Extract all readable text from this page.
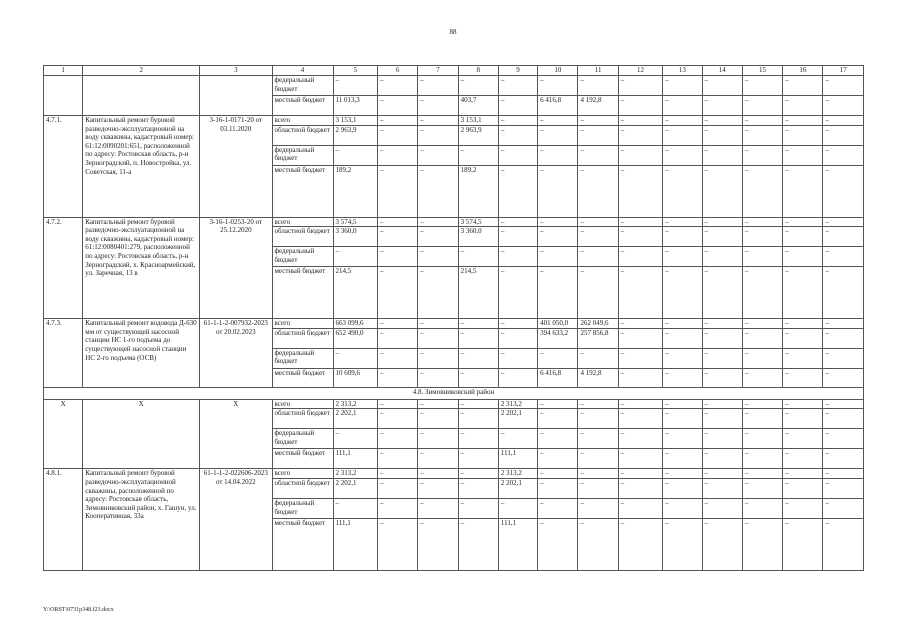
88
1	2	3	4	5	6	7	8	9	10	11	12	13	14	15	16	17
			федеральный бюджет	–	–	–	–	–	–	–	–	–	–	–	–	–
			местный бюджет	11 013,3	–	–	403,7	–	6 416,8	4 192,8	–	–	–	–	–	–
4.7.1.	Капитальный ремонт буровой разведочно-эксплуатационной на воду скважины, кадастровый номер: 61:12:0090201:651, расположенной по адресу: Ростовская область, р-н Зерноградский, п. Новостройка, ул. Советская, 11-а	3-16-1-0171-20 от 03.11.2020	всего	3 153,1	–	–	3 153,1	–	–	–	–	–	–	–	–	–
			областной бюджет	2 963,9	–	–	2 963,9	–	–	–	–	–	–	–	–	–
			федеральный бюджет	–	–	–	–	–	–	–	–	–	–	–	–	–
			местный бюджет	189,2	–	–	189,2	–	–	–	–	–	–	–	–	–
4.7.2.	Капитальный ремонт буровой разведочно-эксплуатационной на воду скважины, кадастровый номер: 61:12:0080401:279, расположенной по адресу: Ростовская область, р-н Зерноградский, х. Красноармейский, ул. Заречная, 13 в	3-16-1-0253-20 от 25.12.2020	всего	3 574,5	–	–	3 574,5	–	–	–	–	–	–	–	–	–
			областной бюджет	3 360,0	–	–	3 360,0	–	–	–	–	–	–	–	–	–
			федеральный бюджет	–	–	–	–	–	–	–	–	–	–	–	–	–
			местный бюджет	214,5	–	–	214,5	–	–	–	–	–	–	–	–	–
4.7.3.	Капитальный ремонт водовода Д-630 мм от существующей насосной станции НС 1-го подъема до существующей насосной станции НС 2-го подъема (ОСВ)	61-1-1-2-007932-2023 от 20.02.2023	всего	663 099,6	–	–	–	–	401 050,0	262 049,6	–	–	–	–	–	–
			областной бюджет	652 490,0	–	–	–	–	394 633,2	257 856,8	–	–	–	–	–	–
			федеральный бюджет	–	–	–	–	–	–	–	–	–	–	–	–	–
			местный бюджет	10 609,6	–	–	–	–	6 416,8	4 192,8	–	–	–	–	–	–
4.8. Зимовниковский район																
Х	Х	Х	всего	2 313,2	–	–	–	2 313,2	–	–	–	–	–	–	–	–
			областной бюджет	2 202,1	–	–	–	2 202,1	–	–	–	–	–	–	–	–
			федеральный бюджет	–	–	–	–	–	–	–	–	–	–	–	–	–
			местный бюджет	111,1	–	–	–	111,1	–	–	–	–	–	–	–	–
4.8.1.	Капитальный ремонт буровой разведочно-эксплуатационной скважины, расположенной по адресу: Ростовская область, Зимовниковский район, х. Гашун, ул. Кооперативная, 33а	61-1-1-2-022606-2023 от 14.04.2022	всего	2 313,2	–	–	–	2 313,2	–	–	–	–	–	–	–	–
			областной бюджет	2 202,1	–	–	–	2 202,1	–	–	–	–	–	–	–	–
			федеральный бюджет	–	–	–	–	–	–	–	–	–	–	–	–	–
			местный бюджет	111,1	–	–	–	111,1	–	–	–	–	–	–	–	–
Y:\ORST\0731p348.f23.docx
